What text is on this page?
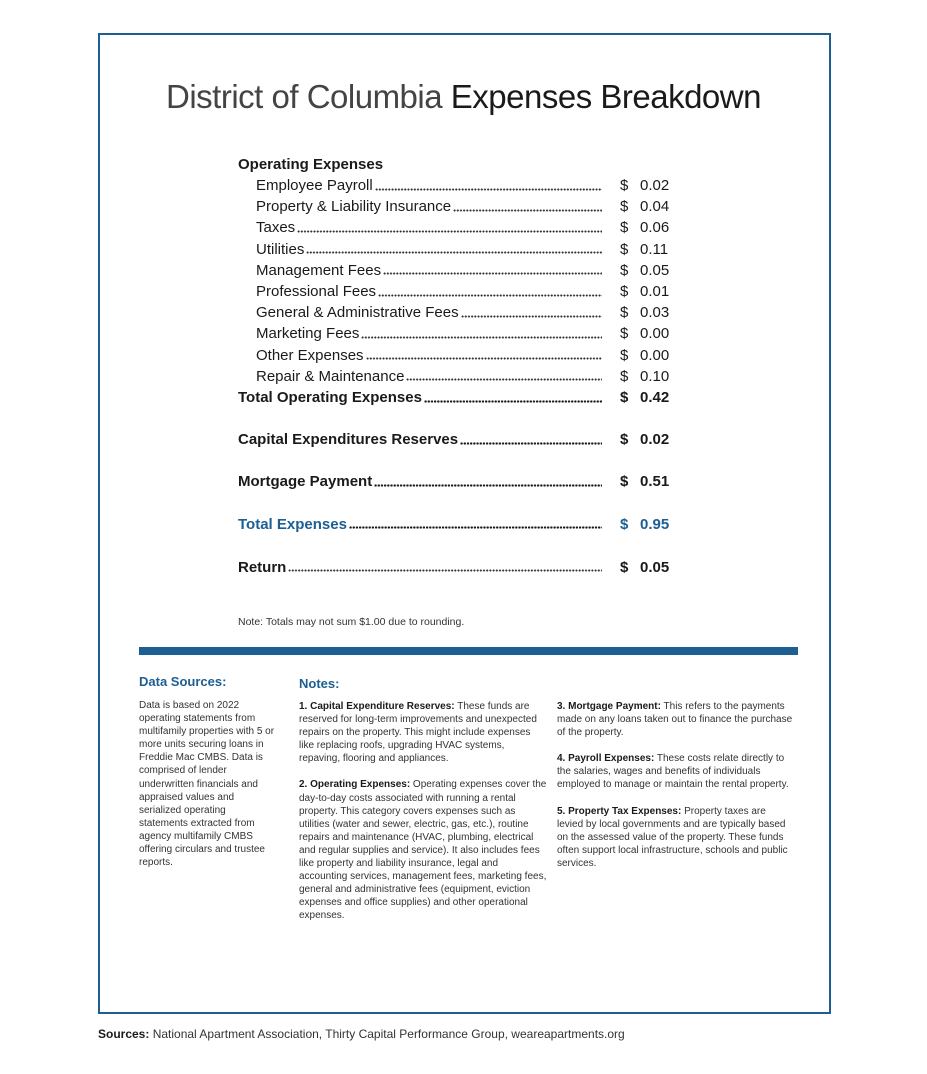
District of Columbia Expenses Breakdown
Operating Expenses
Employee Payroll	$ 0.02
Property & Liability Insurance	$ 0.04
Taxes	$ 0.06
Utilities	$ 0.11
Management Fees	$ 0.05
Professional Fees	$ 0.01
General & Administrative Fees	$ 0.03
Marketing Fees	$ 0.00
Other Expenses	$ 0.00
Repair & Maintenance	$ 0.10
Total Operating Expenses	$ 0.42
Capital Expenditures Reserves	$ 0.02
Mortgage Payment	$ 0.51
Total Expenses	$ 0.95
Return	$ 0.05
Note: Totals may not sum $1.00 due to rounding.
Data Sources:
Data is based on 2022 operating statements from multifamily properties with 5 or more units securing loans in Freddie Mac CMBS. Data is comprised of lender underwritten financials and appraised values and serialized operating statements extracted from agency multifamily CMBS offering circulars and trustee reports.
Notes:

1. Capital Expenditure Reserves: These funds are reserved for long-term improvements and unexpected repairs on the property. This might include expenses like replacing roofs, upgrading HVAC systems, repaving, flooring and appliances.

2. Operating Expenses: Operating expenses cover the day-to-day costs associated with running a rental property. This category covers expenses such as utilities (water and sewer, electric, gas, etc.), routine repairs and maintenance (HVAC, plumbing, electrical and regular supplies and service). It also includes fees like property and liability insurance, legal and accounting services, management fees, marketing fees, general and administrative fees (equipment, eviction expenses and office supplies) and other operational expenses.

3. Mortgage Payment: This refers to the payments made on any loans taken out to finance the purchase of the property.

4. Payroll Expenses: These costs relate directly to the salaries, wages and benefits of individuals employed to manage or maintain the rental property.

5. Property Tax Expenses: Property taxes are levied by local governments and are typically based on the assessed value of the property. These funds often support local infrastructure, schools and public services.

Sources: National Apartment Association, Thirty Capital Performance Group, weareapartments.org
